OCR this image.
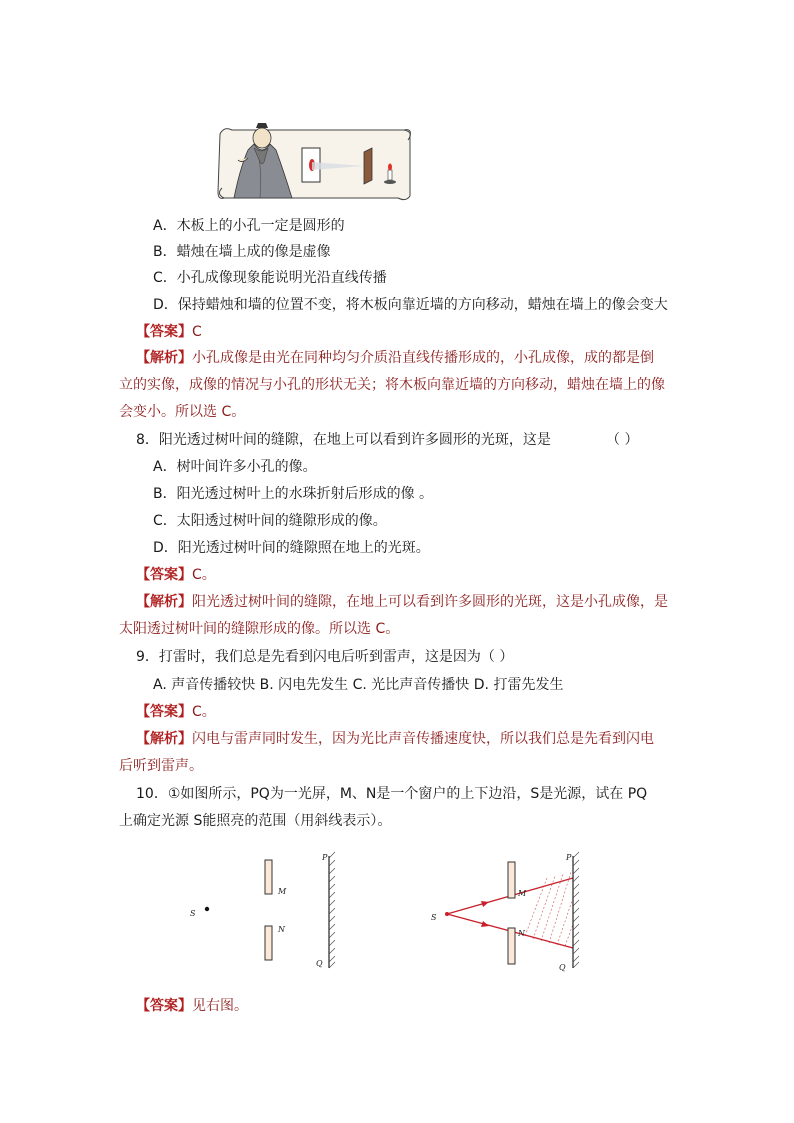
A．木板上的小孔一定是圆形的
B．蜡烛在墙上成的像是虚像
C．小孔成像现象能说明光沿直线传播
D．保持蜡烛和墙的位置不变，将木板向靠近墙的方向移动，蜡烛在墙上的像会变大
【答案】C
【解析】小孔成像是由光在同种均匀介质沿直线传播形成的，小孔成像，成的都是倒
立的实像，成像的情况与小孔的形状无关；将木板向靠近墙的方向移动，蜡烛在墙上的像
会变小。所以选 C。
8．阳光透过树叶间的缝隙，在地上可以看到许多圆形的光斑，这是	（ ）
A．树叶间许多小孔的像。
B．阳光透过树叶上的水珠折射后形成的像 。
C．太阳透过树叶间的缝隙形成的像。
D．阳光透过树叶间的缝隙照在地上的光斑。
【答案】C。
【解析】阳光透过树叶间的缝隙，在地上可以看到许多圆形的光斑，这是小孔成像，是
太阳透过树叶间的缝隙形成的像。所以选 C。
9．打雷时，我们总是先看到闪电后听到雷声，这是因为（ ）
A. 声音传播较快 B. 闪电先发生 C. 光比声音传播快 D. 打雷先发生
【答案】C。
【解析】闪电与雷声同时发生，因为光比声音传播速度快，所以我们总是先看到闪电
后听到雷声。
10．①如图所示，PQ为一光屏，M、N是一个窗户的上下边沿，S是光源，试在 PQ
上确定光源 S能照亮的范围（用斜线表示）。
S
M
N
P
Q
S
M
N
P
Q
【答案】见右图。
